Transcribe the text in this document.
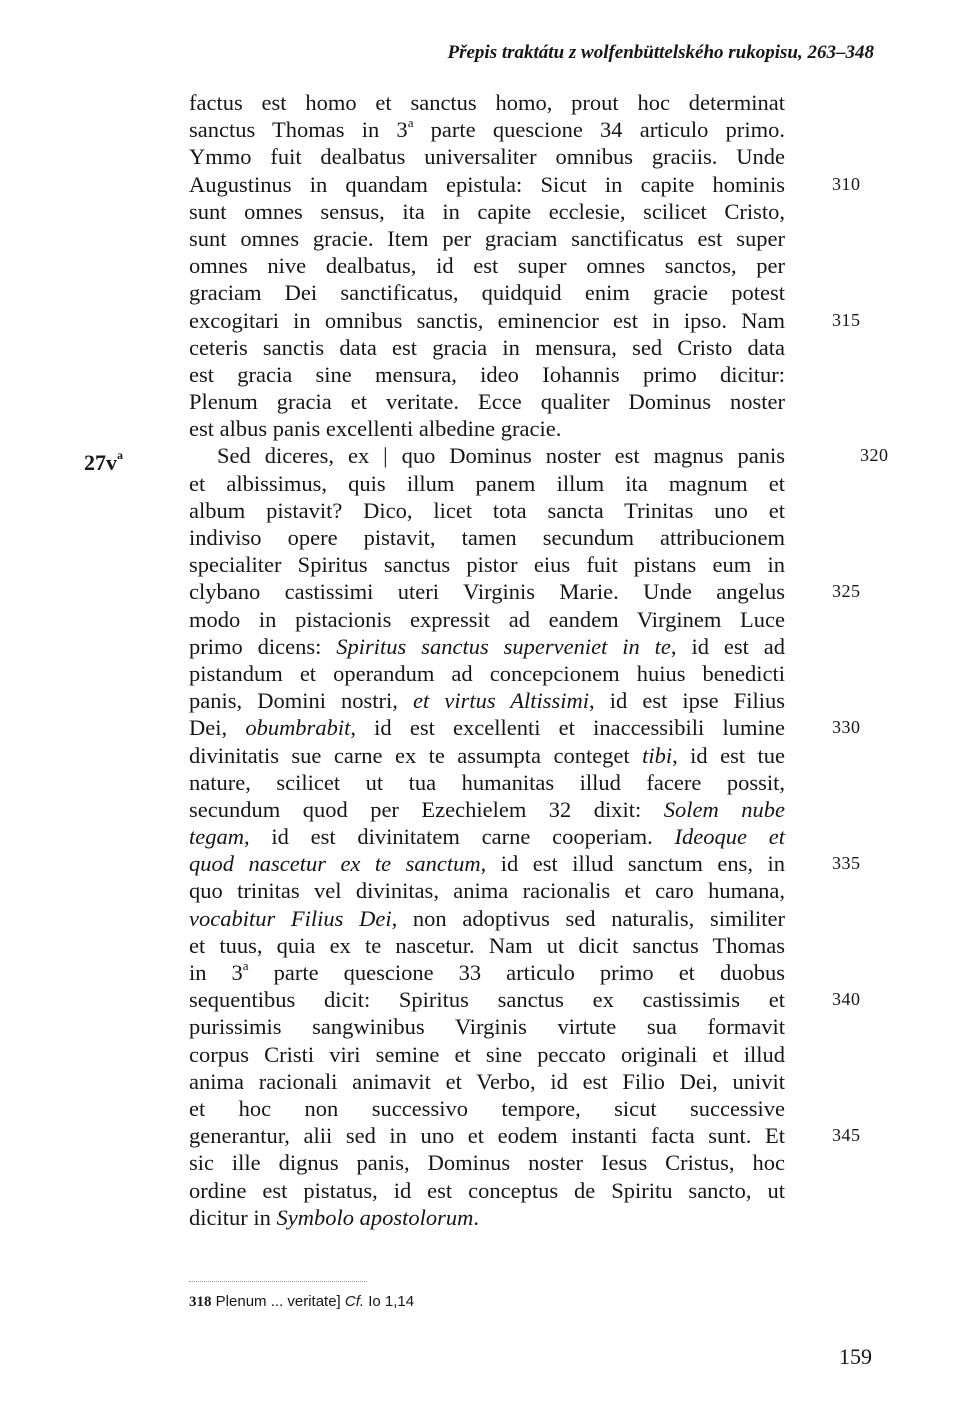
Přepis traktátu z wolfenbüttelského rukopisu, 263–348
$27v^a$
factus est homo et sanctus homo, prout hoc determinat
sanctus Thomas in 3$^a$ parte quescione 34 articulo primo.
Ymmo fuit dealbatus universaliter omnibus graciis. Unde
Augustinus in quandam epistula: Sicut in capite hominis	310
sunt omnes sensus, ita in capite ecclesie, scilicet Cristo,
sunt omnes gracie. Item per graciam sanctificatus est super
omnes nive dealbatus, id est super omnes sanctos, per
graciam Dei sanctificatus, quidquid enim gracie potest
excogitari in omnibus sanctis, eminencior est in ipso. Nam	315
ceteris sanctis data est gracia in mensura, sed Cristo data
est gracia sine mensura, ideo Iohannis primo dicitur:
Plenum gracia et veritate. Ecce qualiter Dominus noster
est albus panis excellenti albedine gracie.
Sed diceres, ex | quo Dominus noster est magnus panis	320
et albissimus, quis illum panem illum ita magnum et
album pistavit? Dico, licet tota sancta Trinitas uno et
indiviso opere pistavit, tamen secundum attribucionem
specialiter Spiritus sanctus pistor eius fuit pistans eum in
clybano castissimi uteri Virginis Marie. Unde angelus	325
modo in pistacionis expressit ad eandem Virginem Luce
primo dicens: Spiritus sanctus superveniet in te, id est ad
pistandum et operandum ad concepcionem huius benedicti
panis, Domini nostri, et virtus Altissimi, id est ipse Filius
Dei, obumbrabit, id est excellenti et inaccessibili lumine	330
divinitatis sue carne ex te assumpta conteget tibi, id est tue
nature, scilicet ut tua humanitas illud facere possit,
secundum quod per Ezechielem 32 dixit: Solem nube
tegam, id est divinitatem carne cooperiam. Ideoque et
quod nascetur ex te sanctum, id est illud sanctum ens, in	335
quo trinitas vel divinitas, anima racionalis et caro humana,
vocabitur Filius Dei, non adoptivus sed naturalis, similiter
et tuus, quia ex te nascetur. Nam ut dicit sanctus Thomas
in 3$^a$ parte quescione 33 articulo primo et duobus
sequentibus dicit: Spiritus sanctus ex castissimis et	340
purissimis sangwinibus Virginis virtute sua formavit
corpus Cristi viri semine et sine peccato originali et illud
anima racionali animavit et Verbo, id est Filio Dei, univit
et hoc non successivo tempore, sicut successive
generantur, alii sed in uno et eodem instanti facta sunt. Et	345
sic ille dignus panis, Dominus noster Iesus Cristus, hoc
ordine est pistatus, id est conceptus de Spiritu sancto, ut
dicitur in Symbolo apostolorum.
318 Plenum ... veritate] Cf. Io 1,14
159
